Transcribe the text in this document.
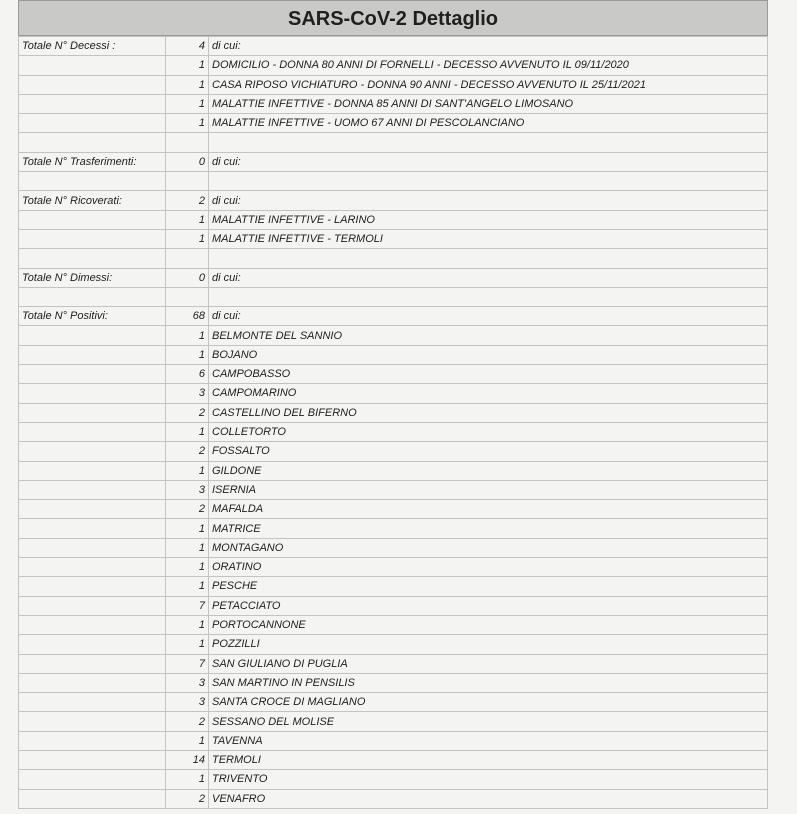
SARS-CoV-2 Dettaglio
Totale N° Decessi :	4	di cui:
	1	DOMICILIO - DONNA 80 ANNI DI FORNELLI - DECESSO AVVENUTO IL 09/11/2020
	1	CASA RIPOSO VICHIATURO - DONNA 90 ANNI - DECESSO AVVENUTO IL 25/11/2021
	1	MALATTIE INFETTIVE - DONNA 85 ANNI DI SANT'ANGELO LIMOSANO
	1	MALATTIE INFETTIVE - UOMO 67 ANNI DI PESCOLANCIANO

Totale N° Trasferimenti:	0	di cui:

Totale N° Ricoverati:	2	di cui:
	1	MALATTIE INFETTIVE - LARINO
	1	MALATTIE INFETTIVE - TERMOLI

Totale N° Dimessi:	0	di cui:

Totale N° Positivi:	68	di cui:
	1	BELMONTE DEL SANNIO
	1	BOJANO
	6	CAMPOBASSO
	3	CAMPOMARINO
	2	CASTELLINO DEL BIFERNO
	1	COLLETORTO
	2	FOSSALTO
	1	GILDONE
	3	ISERNIA
	2	MAFALDA
	1	MATRICE
	1	MONTAGANO
	1	ORATINO
	1	PESCHE
	7	PETACCIATO
	1	PORTOCANNONE
	1	POZZILLI
	7	SAN GIULIANO DI PUGLIA
	3	SAN MARTINO IN PENSILIS
	3	SANTA CROCE DI MAGLIANO
	2	SESSANO DEL MOLISE
	1	TAVENNA
	14	TERMOLI
	1	TRIVENTO
	2	VENAFRO
